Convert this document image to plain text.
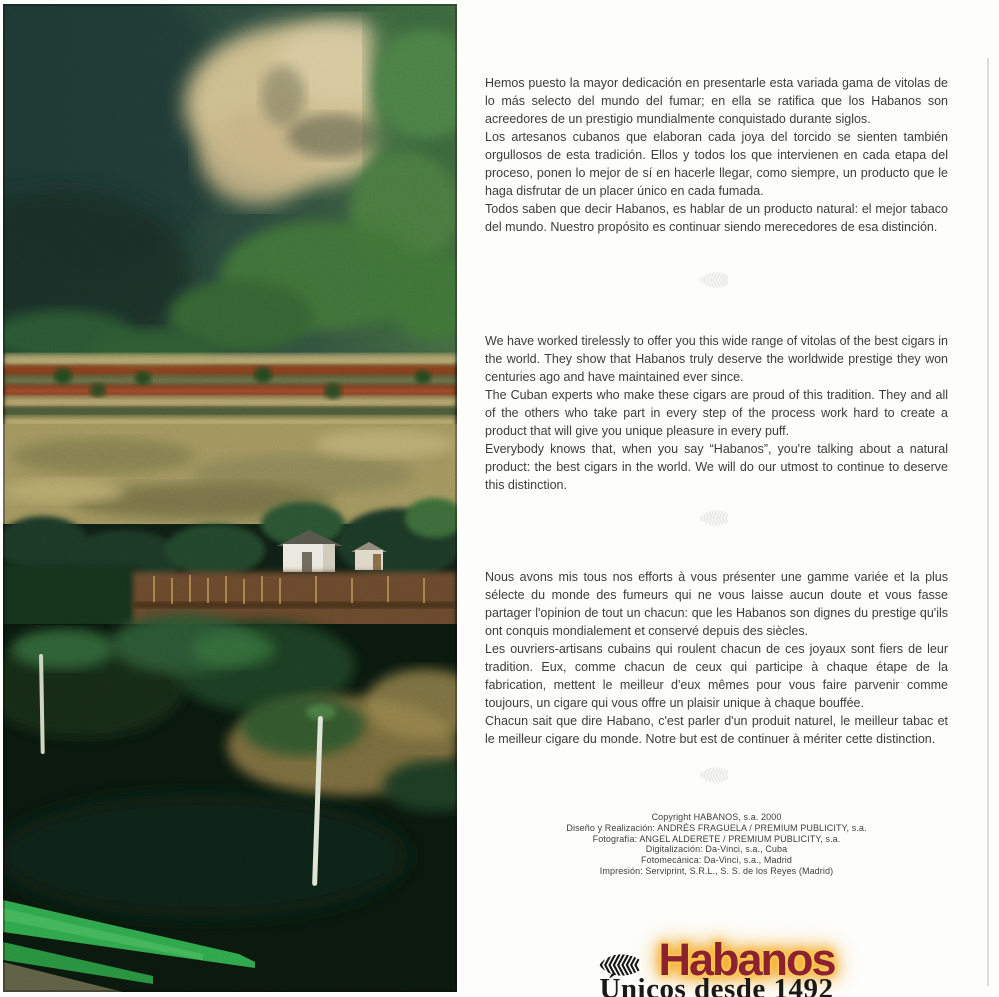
Hemos puesto la mayor dedicación en presentarle esta variada gama de vitolas de lo más selecto del mundo del fumar; en ella se ratifica que los Habanos son acreedores de un prestigio mundialmente conquistado durante siglos.

Los artesanos cubanos que elaboran cada joya del torcido se sienten también orgullosos de esta tradición. Ellos y todos los que intervienen en cada etapa del proceso, ponen lo mejor de sí en hacerle llegar, como siempre, un producto que le haga disfrutar de un placer único en cada fumada.

Todos saben que decir Habanos, es hablar de un producto natural: el mejor tabaco del mundo. Nuestro propósito es continuar siendo merecedores de esa distinción.

We have worked tirelessly to offer you this wide range of vitolas of the best cigars in the world. They show that Habanos truly deserve the worldwide prestige they won centuries ago and have maintained ever since.

The Cuban experts who make these cigars are proud of this tradition. They and all of the others who take part in every step of the process work hard to create a product that will give you unique pleasure in every puff.

Everybody knows that, when you say “Habanos”, you're talking about a natural product: the best cigars in the world. We will do our utmost to continue to deserve this distinction.

Nous avons mis tous nos efforts à vous présenter une gamme variée et la plus sélecte du monde des fumeurs qui ne vous laisse aucun doute et vous fasse partager l'opinion de tout un chacun: que les Habanos son dignes du prestige qu'ils ont conquis mondialement et conservé depuis des siècles.

Les ouvriers-artisans cubains qui roulent chacun de ces joyaux sont fiers de leur tradition. Eux, comme chacun de ceux qui participe à chaque étape de la fabrication, mettent le meilleur d'eux mêmes pour vous faire parvenir comme toujours, un cigare qui vous offre un plaisir unique à chaque bouffée.

Chacun sait que dire Habano, c'est parler d'un produit naturel, le meilleur tabac et le meilleur cigare du monde. Notre but est de continuer à mériter cette distinction.

Copyright HABANOS, s.a. 2000
Diseño y Realización: ANDRÉS FRAGUELA / PREMIUM PUBLICITY, s.a.
Fotografía: ANGEL ALDERETE / PREMIUM PUBLICITY, s.a.
Digitalización: Da-Vinci, s.a., Cuba
Fotomecánica: Da-Vinci, s.a., Madrid
Impresión: Serviprint, S.R.L., S. S. de los Reyes (Madrid)
Habanos
Únicos desde 1492
